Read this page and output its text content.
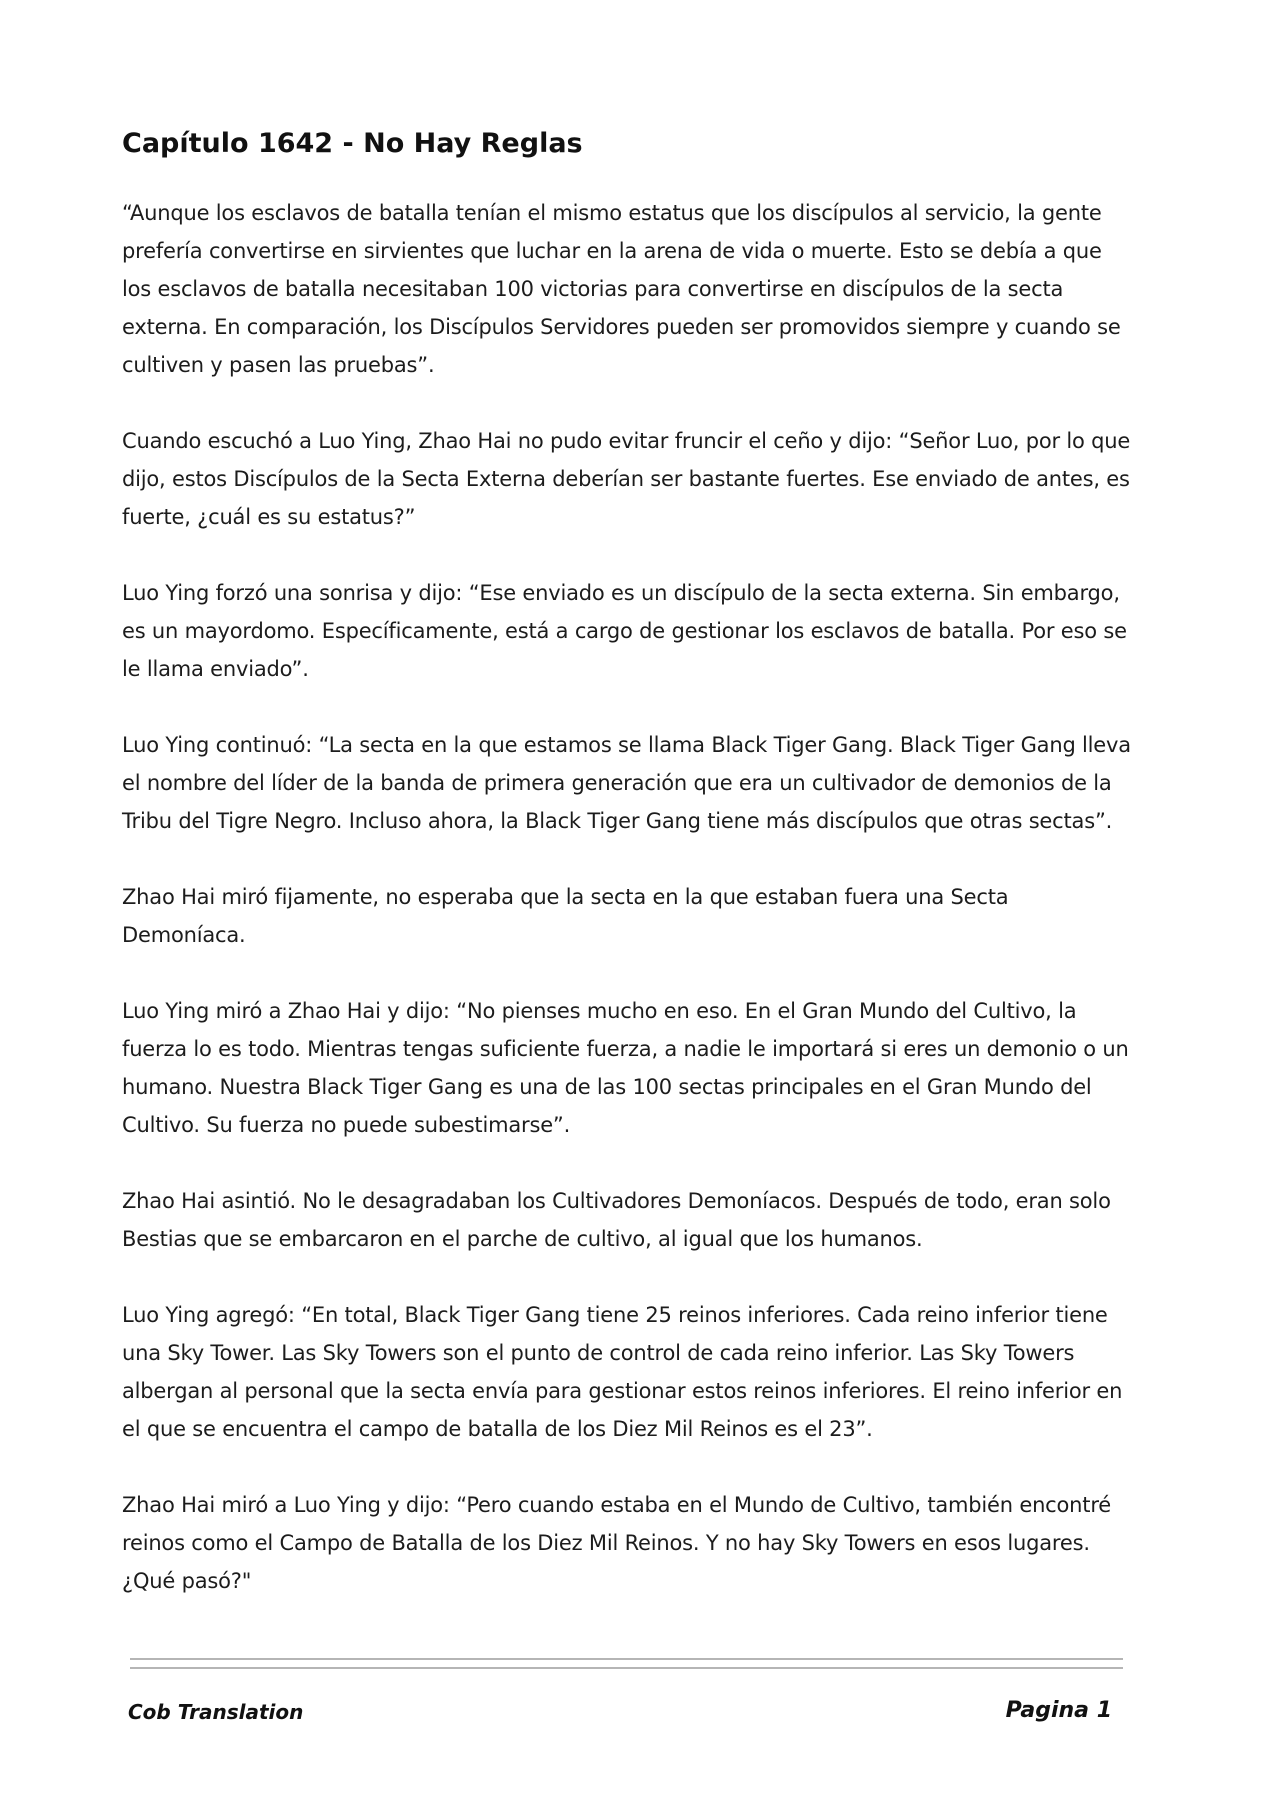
Capítulo 1642 - No Hay Reglas

“Aunque los esclavos de batalla tenían el mismo estatus que los discípulos al servicio, la gente prefería convertirse en sirvientes que luchar en la arena de vida o muerte. Esto se debía a que los esclavos de batalla necesitaban 100 victorias para convertirse en discípulos de la secta externa. En comparación, los Discípulos Servidores pueden ser promovidos siempre y cuando se cultiven y pasen las pruebas”.

Cuando escuchó a Luo Ying, Zhao Hai no pudo evitar fruncir el ceño y dijo: “Señor Luo, por lo que dijo, estos Discípulos de la Secta Externa deberían ser bastante fuertes. Ese enviado de antes, es fuerte, ¿cuál es su estatus?”

Luo Ying forzó una sonrisa y dijo: “Ese enviado es un discípulo de la secta externa. Sin embargo, es un mayordomo. Específicamente, está a cargo de gestionar los esclavos de batalla. Por eso se le llama enviado”.

Luo Ying continuó: “La secta en la que estamos se llama Black Tiger Gang. Black Tiger Gang lleva el nombre del líder de la banda de primera generación que era un cultivador de demonios de la Tribu del Tigre Negro. Incluso ahora, la Black Tiger Gang tiene más discípulos que otras sectas”.

Zhao Hai miró fijamente, no esperaba que la secta en la que estaban fuera una Secta Demoníaca.

Luo Ying miró a Zhao Hai y dijo: “No pienses mucho en eso. En el Gran Mundo del Cultivo, la fuerza lo es todo. Mientras tengas suficiente fuerza, a nadie le importará si eres un demonio o un humano. Nuestra Black Tiger Gang es una de las 100 sectas principales en el Gran Mundo del Cultivo. Su fuerza no puede subestimarse”.

Zhao Hai asintió. No le desagradaban los Cultivadores Demoníacos. Después de todo, eran solo Bestias que se embarcaron en el parche de cultivo, al igual que los humanos.

Luo Ying agregó: “En total, Black Tiger Gang tiene 25 reinos inferiores. Cada reino inferior tiene una Sky Tower. Las Sky Towers son el punto de control de cada reino inferior. Las Sky Towers albergan al personal que la secta envía para gestionar estos reinos inferiores. El reino inferior en el que se encuentra el campo de batalla de los Diez Mil Reinos es el 23”.

Zhao Hai miró a Luo Ying y dijo: “Pero cuando estaba en el Mundo de Cultivo, también encontré reinos como el Campo de Batalla de los Diez Mil Reinos. Y no hay Sky Towers en esos lugares. ¿Qué pasó?"

Cob Translation	Pagina 1
